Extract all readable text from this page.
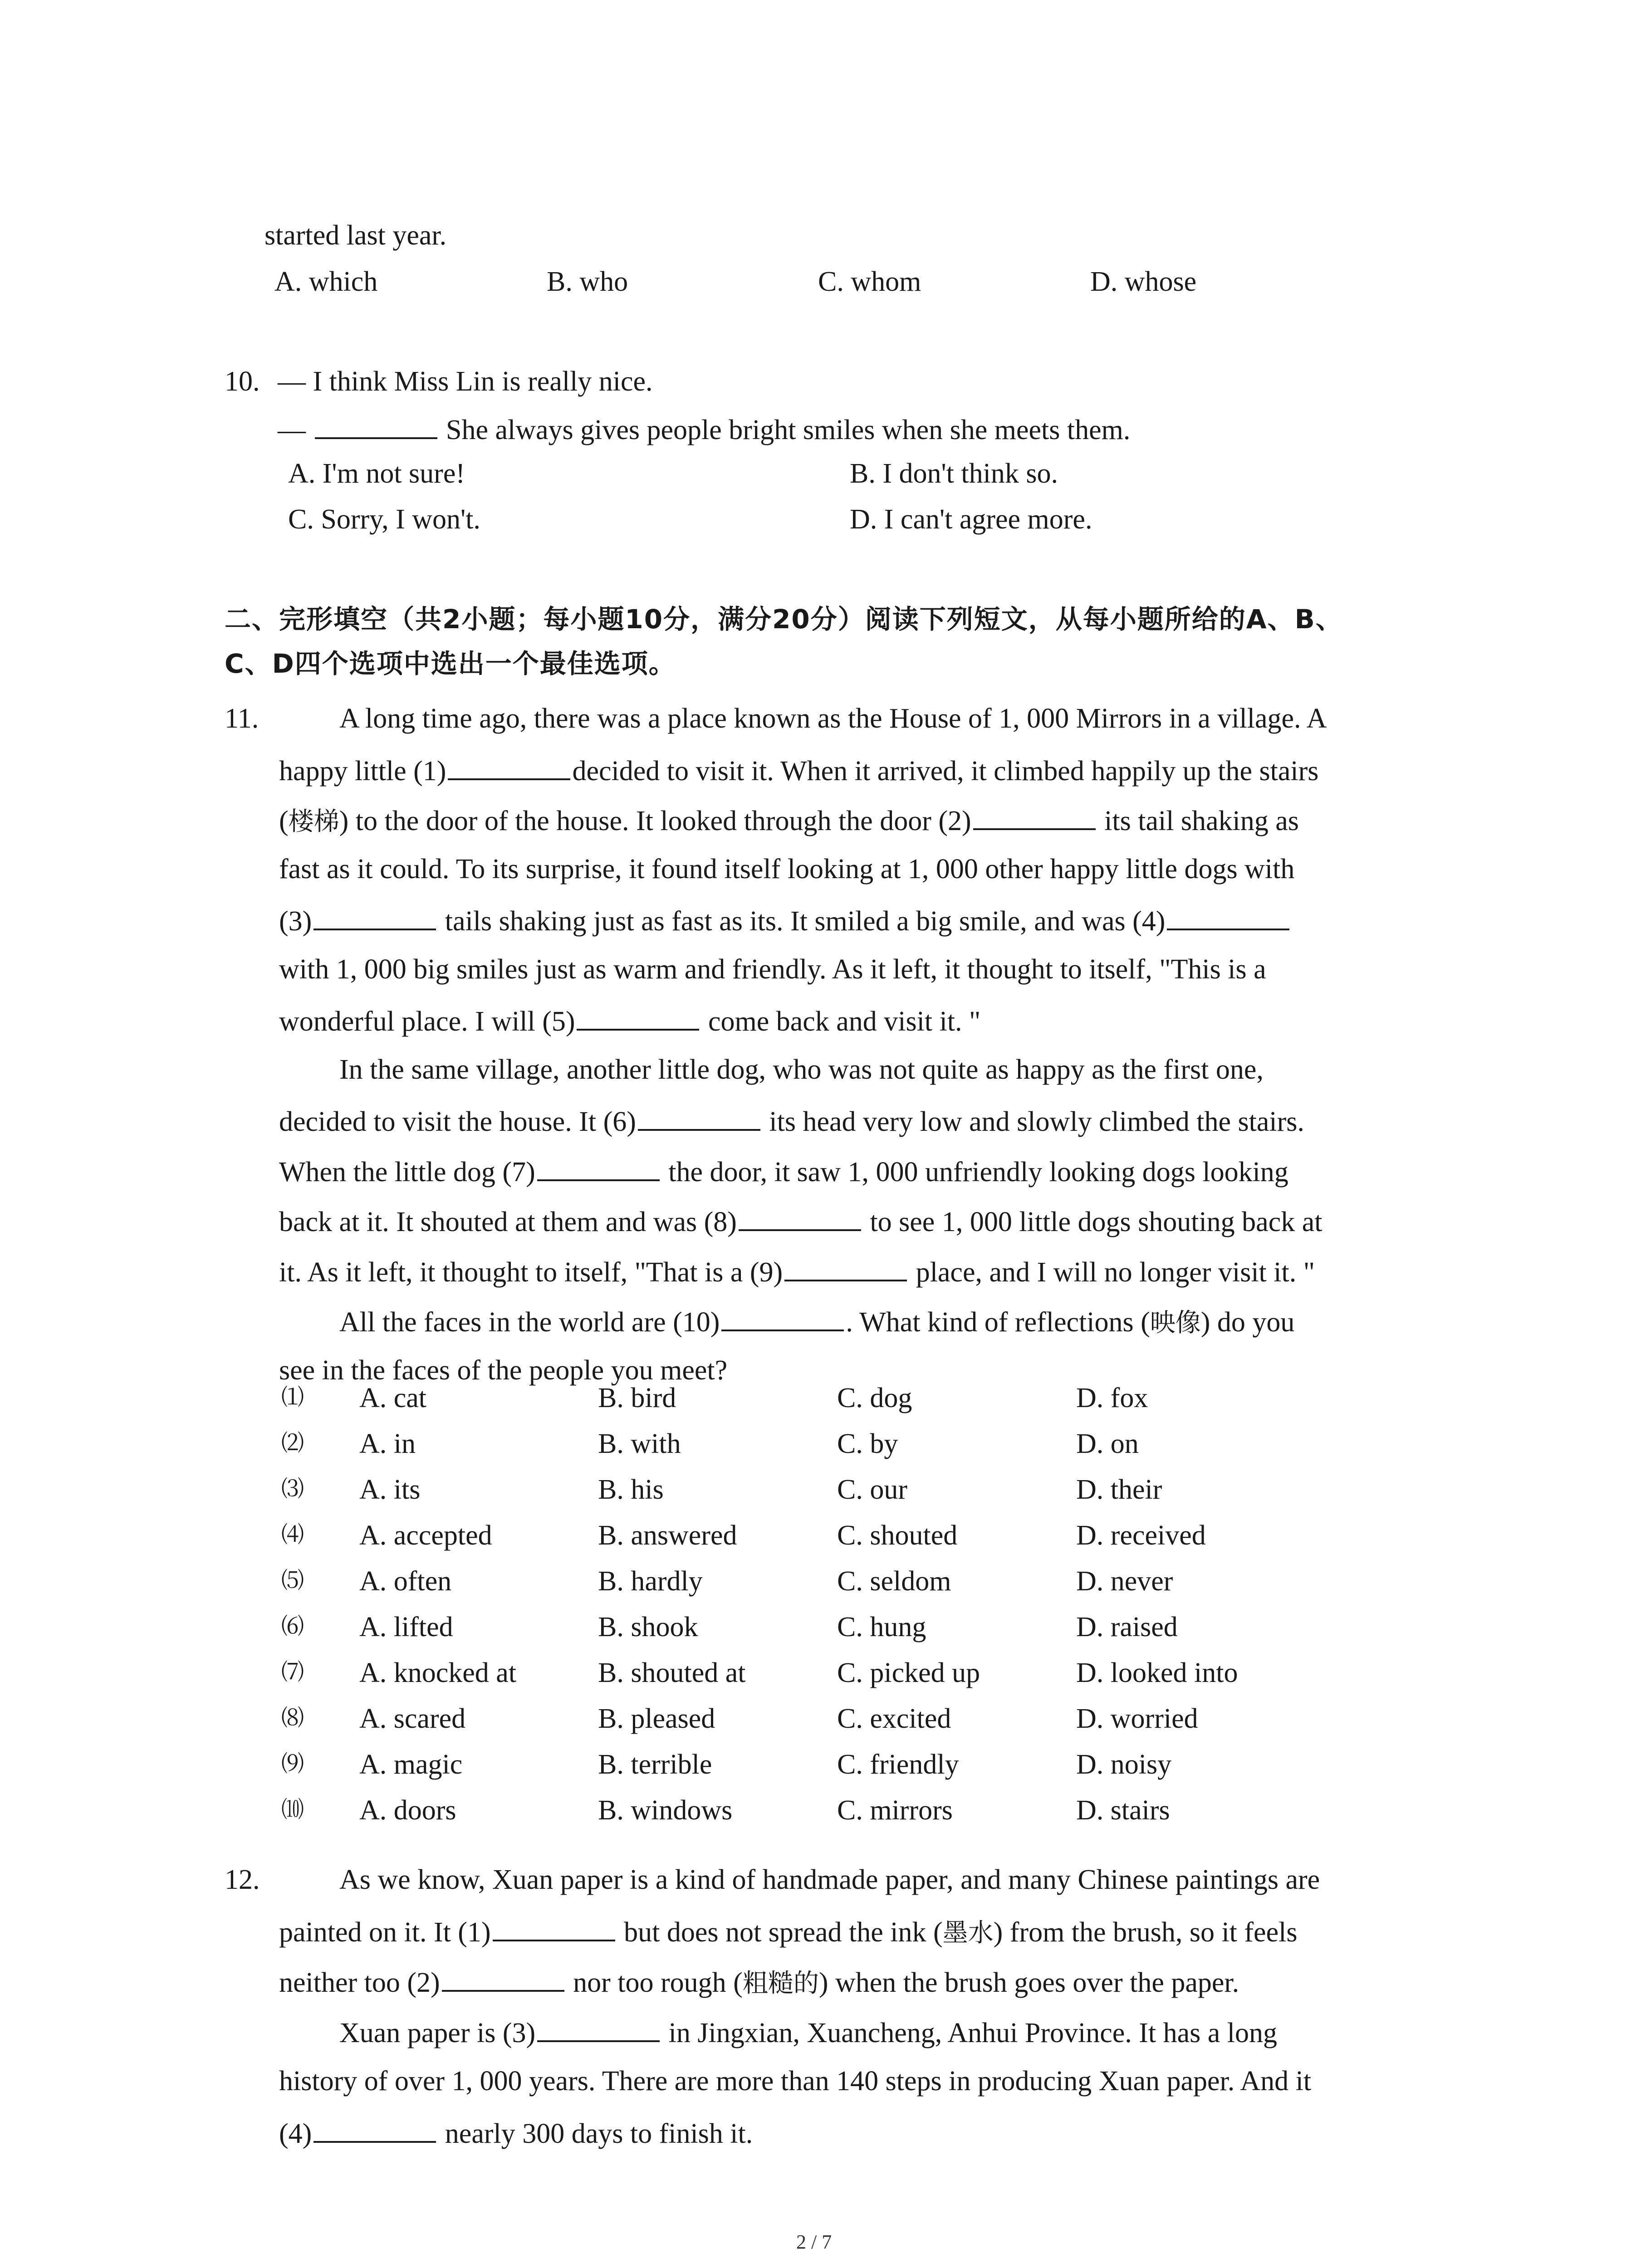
started last year.
A. which	B. who	C. whom	D. whose
10. — I think Miss Lin is really nice.
—	She always gives people bright smiles when she meets them.
A. I'm not sure!	B. I don't think so.
C. Sorry, I won't.	D. I can't agree more.
二、完形填空（共2小题；每小题10分，满分20分）阅读下列短文，从每小题所给的A、B、
C、D四个选项中选出一个最佳选项。
11.	A long time ago, there was a place known as the House of 1, 000 Mirrors in a village. A
happy little (1)	decided to visit it. When it arrived, it climbed happily up the stairs
(楼梯) to the door of the house. It looked through the door (2)	its tail shaking as
fast as it could. To its surprise, it found itself looking at 1, 000 other happy little dogs with
(3)	tails shaking just as fast as its. It smiled a big smile, and was (4)
with 1, 000 big smiles just as warm and friendly. As it left, it thought to itself, "This is a
wonderful place. I will (5)	come back and visit it. "
In the same village, another little dog, who was not quite as happy as the first one,
decided to visit the house. It (6)	its head very low and slowly climbed the stairs.
When the little dog (7)	the door, it saw 1, 000 unfriendly looking dogs looking
back at it. It shouted at them and was (8)	to see 1, 000 little dogs shouting back at
it. As it left, it thought to itself, "That is a (9)	place, and I will no longer visit it. "
All the faces in the world are (10)	. What kind of reflections (映像) do you
see in the faces of the people you meet?
⑴ A. cat	B. bird	C. dog	D. fox
⑵ A. in	B. with	C. by	D. on
⑶ A. its	B. his	C. our	D. their
⑷ A. accepted	B. answered	C. shouted	D. received
⑸ A. often	B. hardly	C. seldom	D. never
⑹ A. lifted	B. shook	C. hung	D. raised
⑺ A. knocked at	B. shouted at	C. picked up	D. looked into
⑻ A. scared	B. pleased	C. excited	D. worried
⑼ A. magic	B. terrible	C. friendly	D. noisy
⑽ A. doors	B. windows	C. mirrors	D. stairs
12.	As we know, Xuan paper is a kind of handmade paper, and many Chinese paintings are
painted on it. It (1)	but does not spread the ink (墨水) from the brush, so it feels
neither too (2)	nor too rough (粗糙的) when the brush goes over the paper.
Xuan paper is (3)	in Jingxian, Xuancheng, Anhui Province. It has a long
history of over 1, 000 years. There are more than 140 steps in producing Xuan paper. And it
(4)	nearly 300 days to finish it.
2 / 7
